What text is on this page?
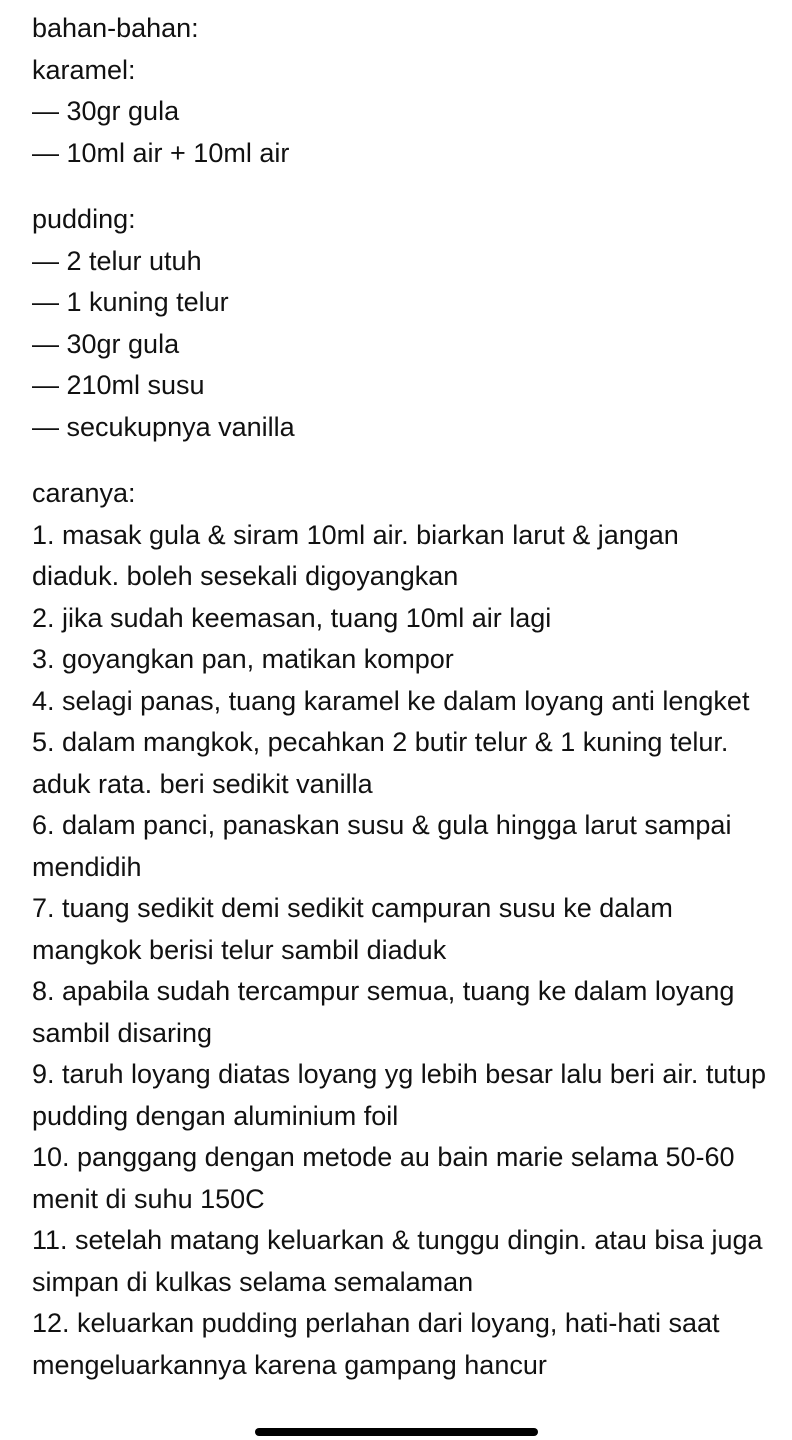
bahan-bahan:

karamel:

— 30gr gula

— 10ml air + 10ml air

pudding:

— 2 telur utuh

— 1 kuning telur

— 30gr gula

— 210ml susu

— secukupnya vanilla

caranya:

1. masak gula & siram 10ml air. biarkan larut & jangan diaduk. boleh sesekali digoyangkan

2. jika sudah keemasan, tuang 10ml air lagi

3. goyangkan pan, matikan kompor

4. selagi panas, tuang karamel ke dalam loyang anti lengket

5. dalam mangkok, pecahkan 2 butir telur & 1 kuning telur. aduk rata. beri sedikit vanilla

6. dalam panci, panaskan susu & gula hingga larut sampai mendidih

7. tuang sedikit demi sedikit campuran susu ke dalam mangkok berisi telur sambil diaduk

8. apabila sudah tercampur semua, tuang ke dalam loyang sambil disaring

9. taruh loyang diatas loyang yg lebih besar lalu beri air. tutup pudding dengan aluminium foil

10. panggang dengan metode au bain marie selama 50-60 menit di suhu 150C

11. setelah matang keluarkan & tunggu dingin. atau bisa juga simpan di kulkas selama semalaman

12. keluarkan pudding perlahan dari loyang, hati-hati saat mengeluarkannya karena gampang hancur
